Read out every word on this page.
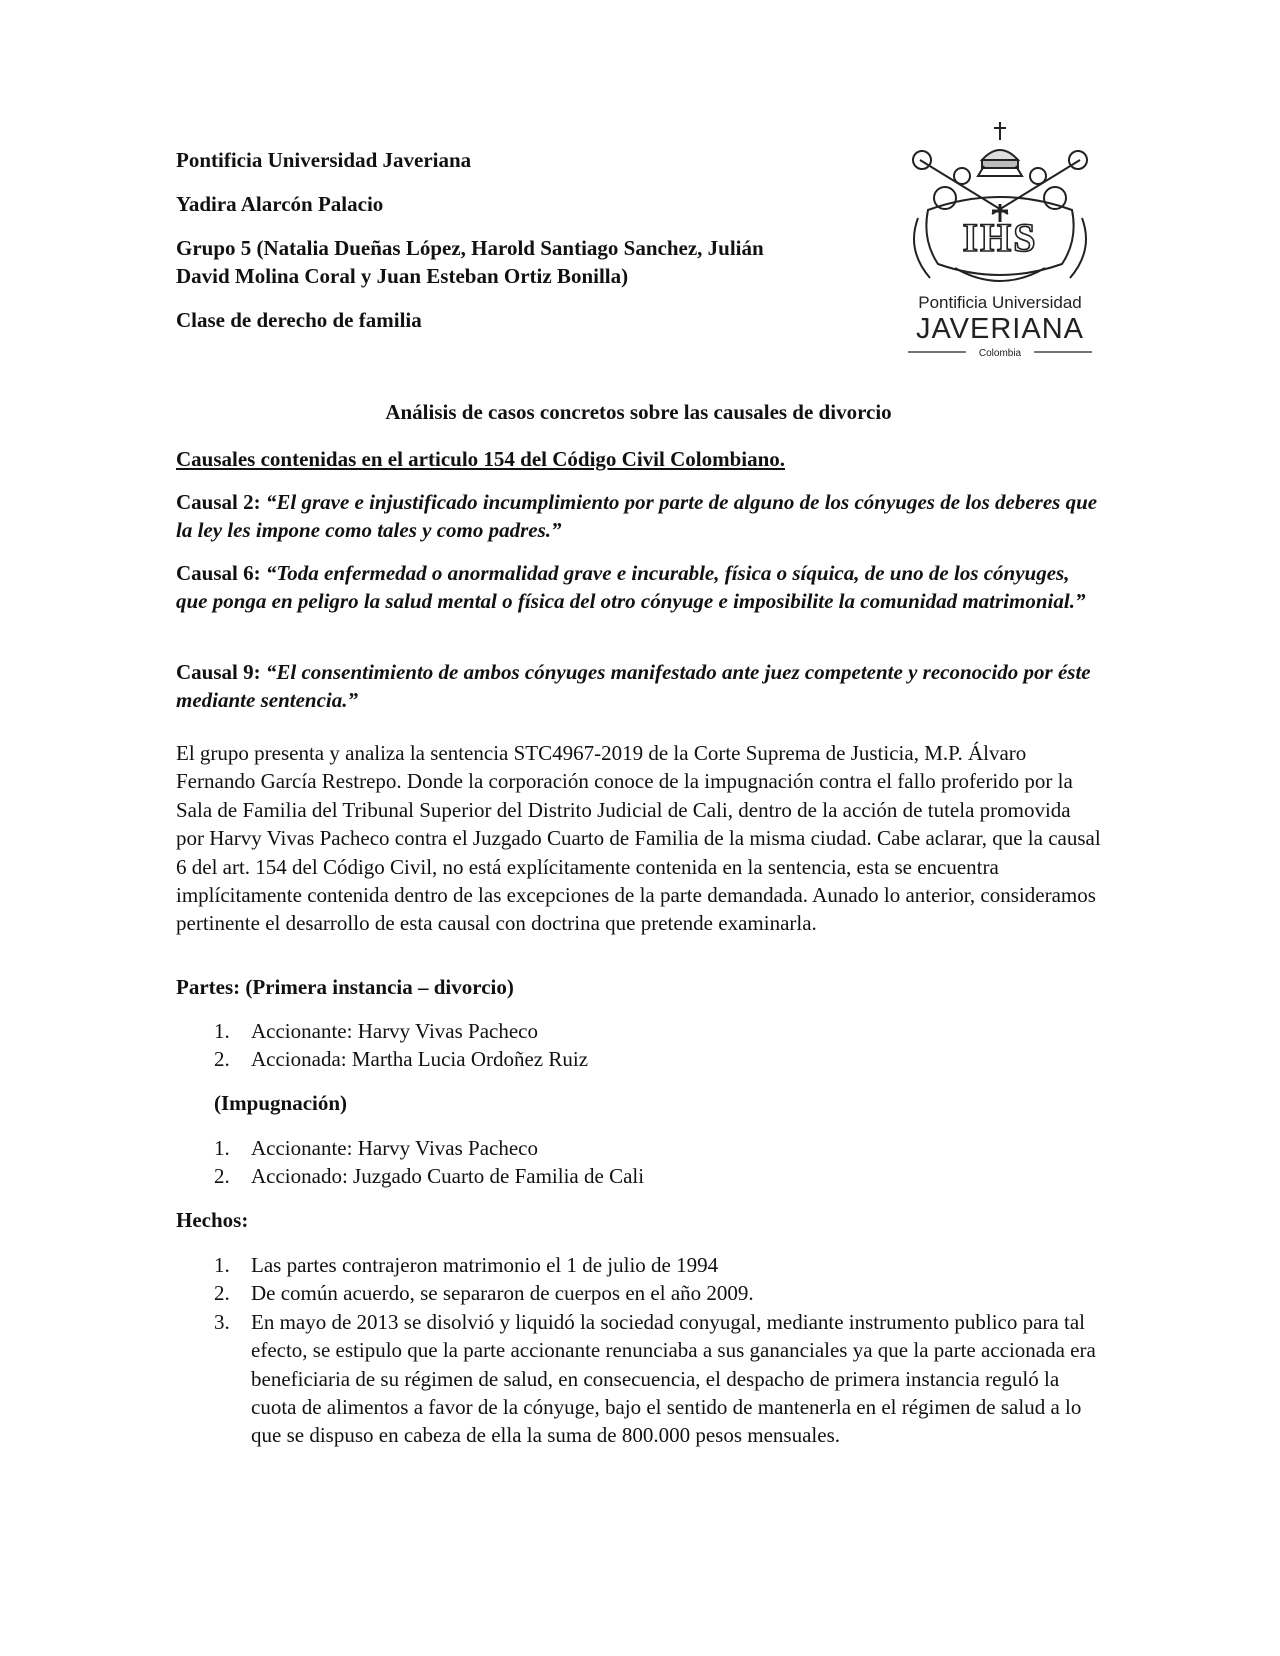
Pontificia Universidad Javeriana

Yadira Alarcón Palacio

Grupo 5 (Natalia Dueñas López, Harold Santiago Sanchez, Julián

David Molina Coral y Juan Esteban Ortiz Bonilla)

Clase de derecho de familia

IHS
Pontificia Universidad
JAVERIANA
Colombia

Análisis de casos concretos sobre las causales de divorcio

Causales contenidas en el articulo 154 del Código Civil Colombiano.

Causal 2: “El grave e injustificado incumplimiento por parte de alguno de los cónyuges de los deberes que la ley les impone como tales y como padres.”

Causal 6: “Toda enfermedad o anormalidad grave e incurable, física o síquica, de uno de los cónyuges, que ponga en peligro la salud mental o física del otro cónyuge e imposibilite la comunidad matrimonial.”

Causal 9: “El consentimiento de ambos cónyuges manifestado ante juez competente y reconocido por éste mediante sentencia.”

El grupo presenta y analiza la sentencia STC4967-2019 de la Corte Suprema de Justicia, M.P. Álvaro Fernando García Restrepo. Donde la corporación conoce de la impugnación contra el fallo proferido por la Sala de Familia del Tribunal Superior del Distrito Judicial de Cali, dentro de la acción de tutela promovida por Harvy Vivas Pacheco contra el Juzgado Cuarto de Familia de la misma ciudad. Cabe aclarar, que la causal 6 del art. 154 del Código Civil, no está explícitamente contenida en la sentencia, esta se encuentra implícitamente contenida dentro de las excepciones de la parte demandada. Aunado lo anterior, consideramos pertinente el desarrollo de esta causal con doctrina que pretende examinarla.

Partes: (Primera instancia – divorcio)

1. Accionante: Harvy Vivas Pacheco
2. Accionada: Martha Lucia Ordoñez Ruiz

(Impugnación)

1. Accionante: Harvy Vivas Pacheco
2. Accionado: Juzgado Cuarto de Familia de Cali

Hechos:

1. Las partes contrajeron matrimonio el 1 de julio de 1994
2. De común acuerdo, se separaron de cuerpos en el año 2009.
3. En mayo de 2013 se disolvió y liquidó la sociedad conyugal, mediante instrumento publico para tal efecto, se estipulo que la parte accionante renunciaba a sus gananciales ya que la parte accionada era beneficiaria de su régimen de salud, en consecuencia, el despacho de primera instancia reguló la cuota de alimentos a favor de la cónyuge, bajo el sentido de mantenerla en el régimen de salud a lo que se dispuso en cabeza de ella la suma de 800.000 pesos mensuales.
